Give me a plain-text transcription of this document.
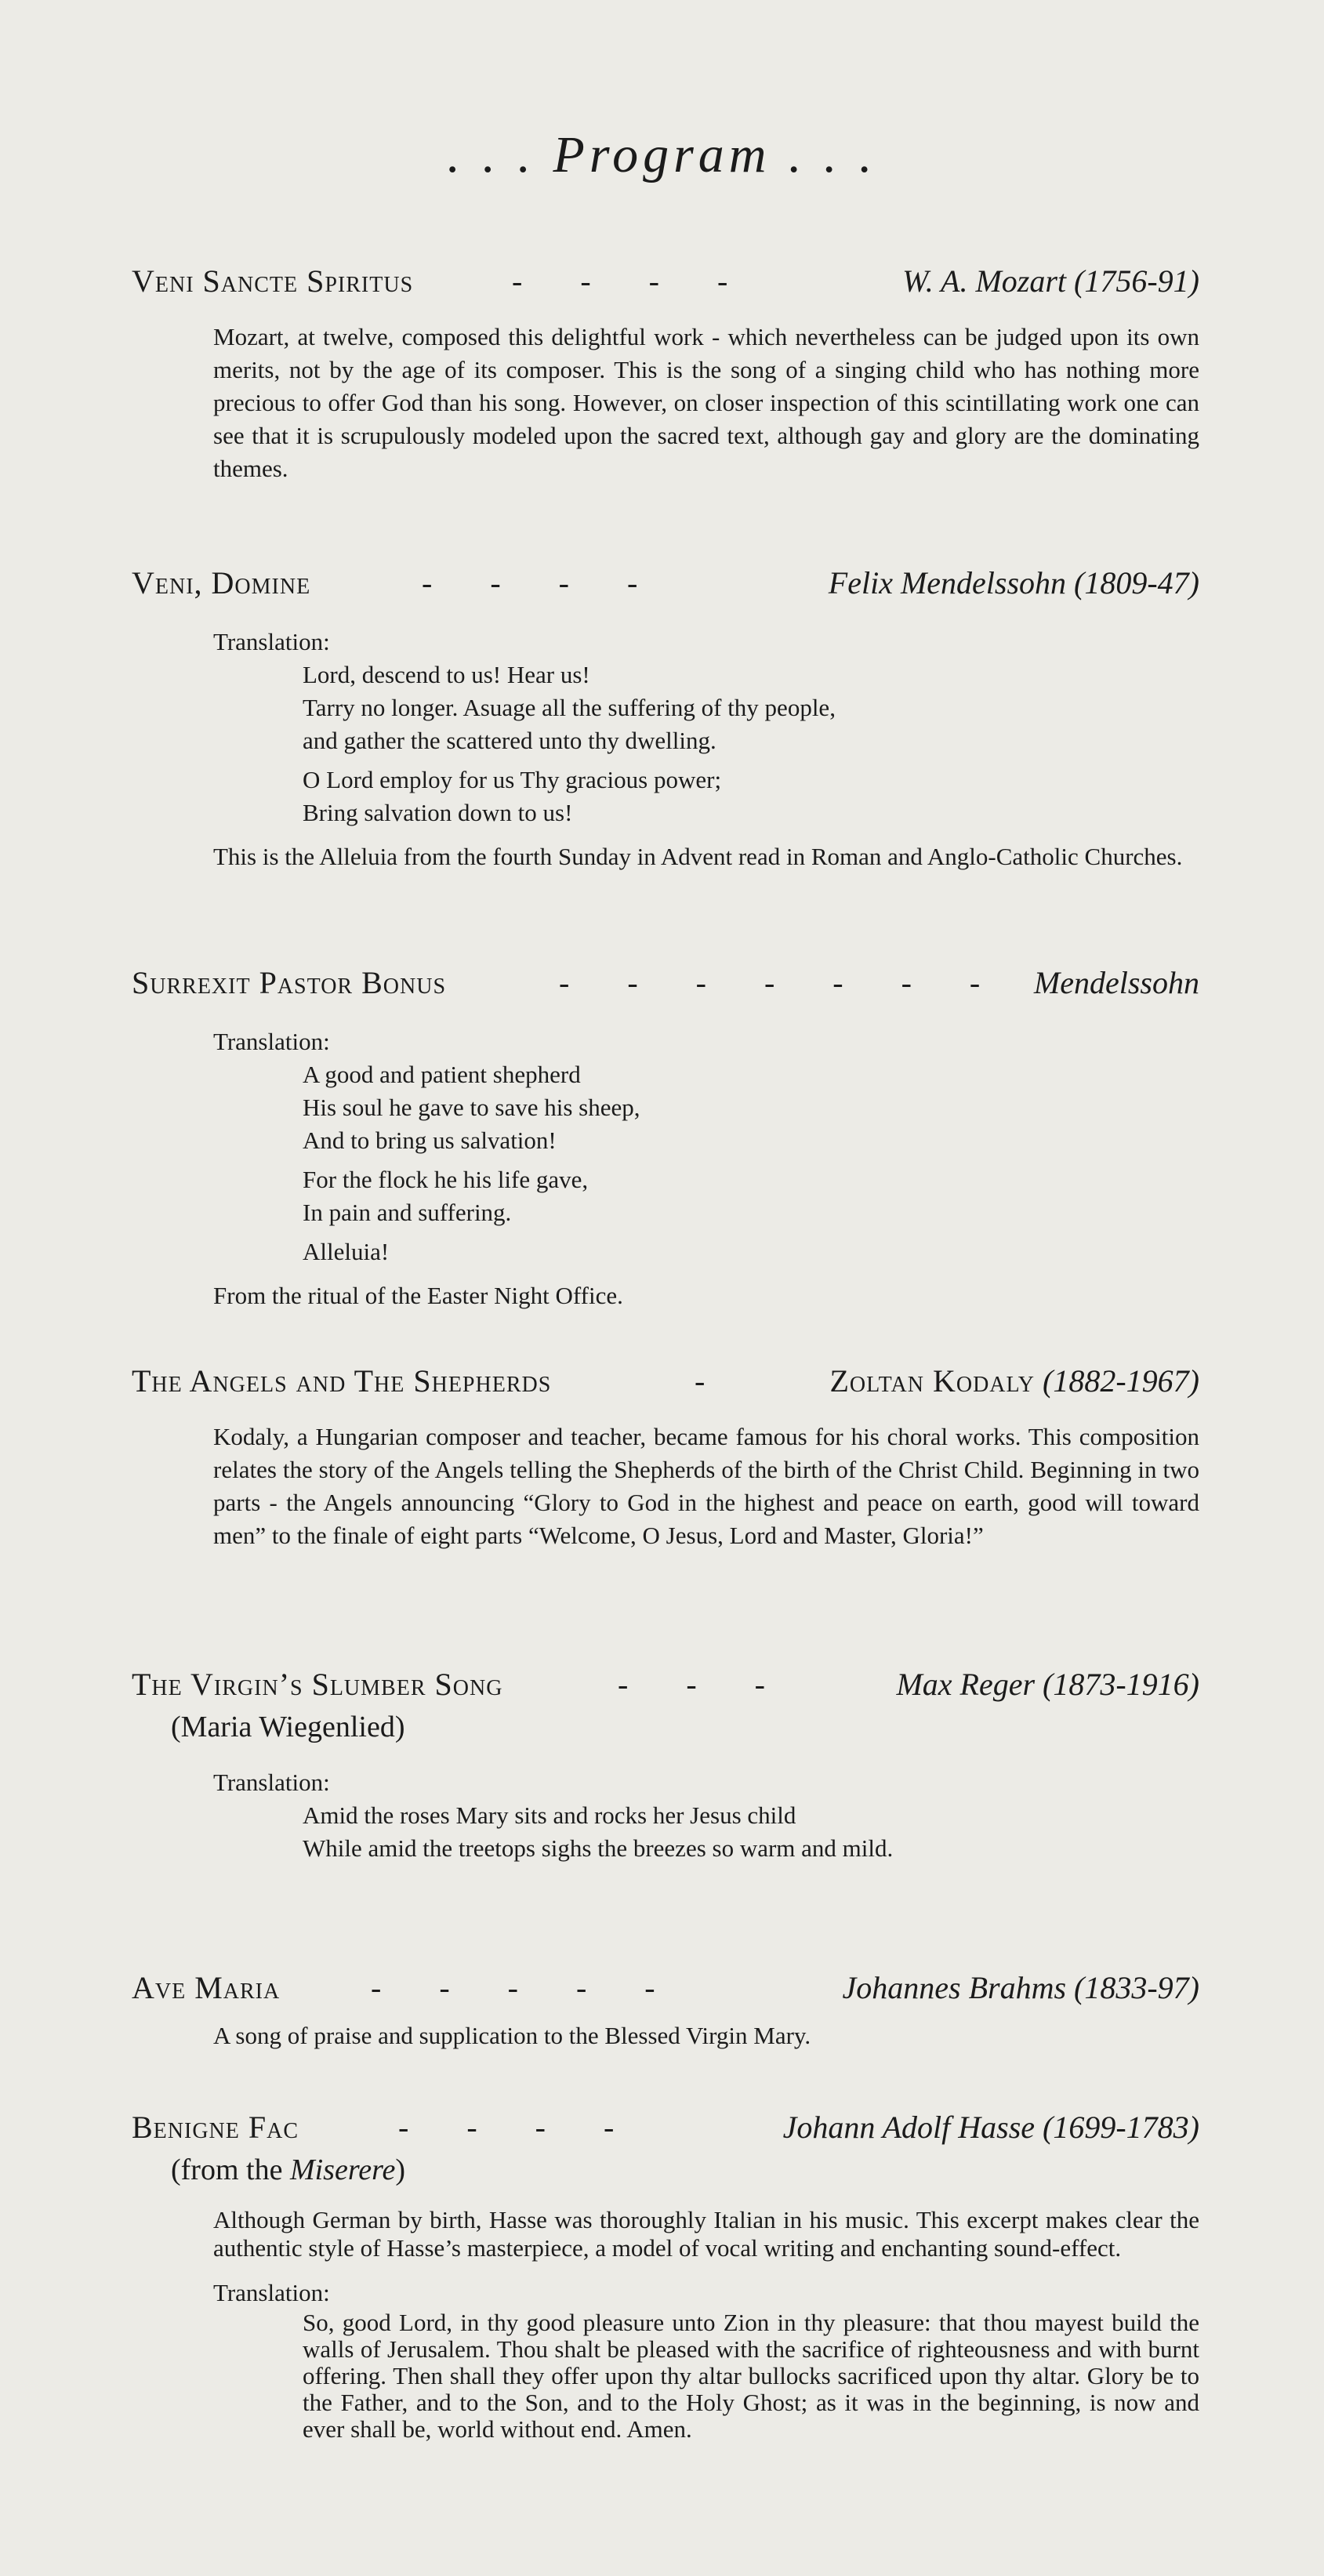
. . . Program . . .
Veni Sancte Spiritus	-     -     -     -	W. A. Mozart (1756-91)
Mozart, at twelve, composed this delightful work - which nevertheless can be judged upon its own merits, not by the age of its composer. This is the song of a singing child who has nothing more precious to offer God than his song. However, on closer inspection of this scintillating work one can see that it is scrupulously modeled upon the sacred text, although gay and glory are the dominating themes.
Veni, Domine	-     -     -     -	Felix Mendelssohn (1809-47)
Translation:
Lord, descend to us! Hear us!
Tarry no longer. Asuage all the suffering of thy people,
and gather the scattered unto thy dwelling.
O Lord employ for us Thy gracious power;
Bring salvation down to us!
This is the Alleluia from the fourth Sunday in Advent read in Roman and Anglo-Catholic Churches.
Surrexit Pastor Bonus	-     -     -     -     -     -     - Mendelssohn
Translation:
A good and patient shepherd
His soul he gave to save his sheep,
And to bring us salvation!
For the flock he his life gave,
In pain and suffering.
Alleluia!
From the ritual of the Easter Night Office.
The Angels and The Shepherds	-	Zoltan Kodaly (1882-1967)
Kodaly, a Hungarian composer and teacher, became famous for his choral works. This composition relates the story of the Angels telling the Shepherds of the birth of the Christ Child. Beginning in two parts - the Angels announcing “Glory to God in the highest and peace on earth, good will toward men” to the finale of eight parts “Welcome, O Jesus, Lord and Master, Gloria!”
The Virgin’s Slumber Song	-     -     -	Max Reger (1873-1916)
(Maria Wiegenlied)
Translation:
Amid the roses Mary sits and rocks her Jesus child
While amid the treetops sighs the breezes so warm and mild.
Ave Maria	-     -     -     -     -	Johannes Brahms (1833-97)
A song of praise and supplication to the Blessed Virgin Mary.
Benigne Fac	-     -     -     -	Johann Adolf Hasse (1699-1783)
(from the Miserere)
Although German by birth, Hasse was thoroughly Italian in his music. This excerpt makes clear the authentic style of Hasse’s masterpiece, a model of vocal writing and enchanting sound-effect.
Translation:
So, good Lord, in thy good pleasure unto Zion in thy pleasure: that thou mayest build the walls of Jerusalem. Thou shalt be pleased with the sacrifice of righteousness and with burnt offering. Then shall they offer upon thy altar bullocks sacrificed upon thy altar. Glory be to the Father, and to the Son, and to the Holy Ghost; as it was in the beginning, is now and ever shall be, world without end. Amen.
